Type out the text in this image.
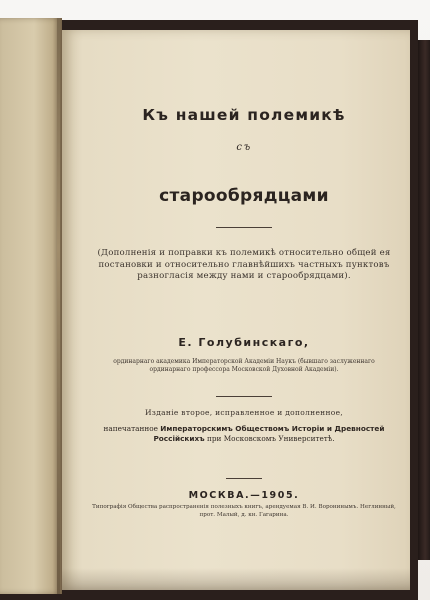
Къ нашей полемикѣ
съ
старообрядцами
(Дополненія и поправки къ полемикѣ относительно общей ея постановки и относительно главнѣйшихъ частныхъ пунктовъ разногласія между нами и старообрядцами).
Е. Голубинскаго,
ординарнаго академика Императорской Академіи Наукъ (бывшаго заслуженнаго ординарнаго профессора Московской Духовной Академіи).
Изданіе второе, исправленное и дополненное,
напечатанное Императорскимъ Обществомъ Исторіи и Древностей Россійскихъ при Московскомъ Университетѣ.
МОСКВА.—1905.
Типографія Общества распространенія полезныхъ книгъ, арендуемая В. И. Воронинымъ. Неглинный, прот. Малый, д. кн. Гагарина.
